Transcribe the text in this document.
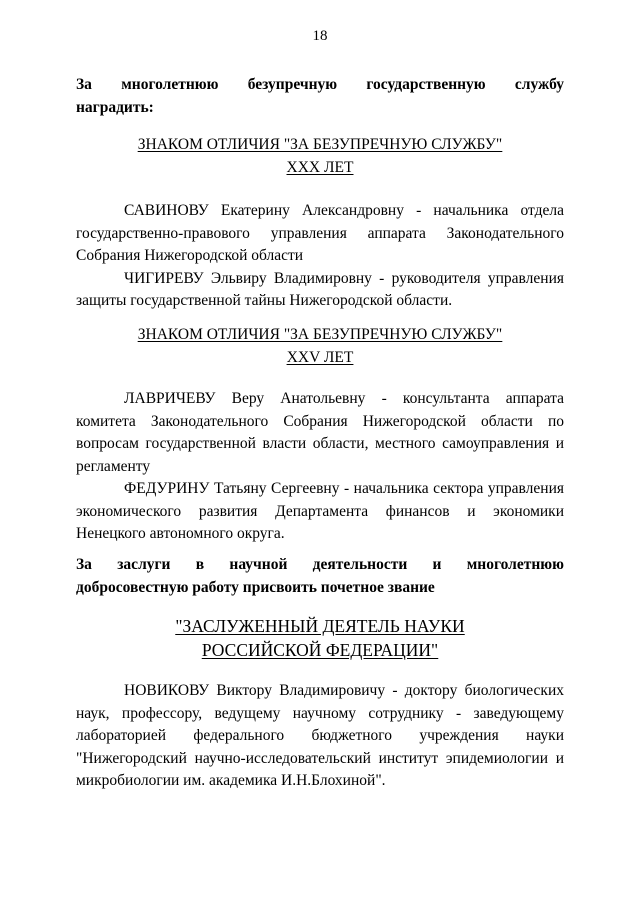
18

За многолетнюю безупречную государственную службу

наградить:

ЗНАКОМ ОТЛИЧИЯ "ЗА БЕЗУПРЕЧНУЮ СЛУЖБУ"
XXX ЛЕТ

САВИНОВУ Екатерину Александровну - начальника отдела государственно-правового управления аппарата Законодательного Собрания Нижегородской области

ЧИГИРЕВУ Эльвиру Владимировну - руководителя управления защиты государственной тайны Нижегородской области.

ЗНАКОМ ОТЛИЧИЯ "ЗА БЕЗУПРЕЧНУЮ СЛУЖБУ"
XXV ЛЕТ

ЛАВРИЧЕВУ Веру Анатольевну - консультанта аппарата комитета Законодательного Собрания Нижегородской области по вопросам государственной власти области, местного самоуправления и регламенту

ФЕДУРИНУ Татьяну Сергеевну - начальника сектора управления экономического развития Департамента финансов и экономики Ненецкого автономного округа.

За заслуги в научной деятельности и многолетнюю

добросовестную работу присвоить почетное звание

"ЗАСЛУЖЕННЫЙ ДЕЯТЕЛЬ НАУКИ
РОССИЙСКОЙ ФЕДЕРАЦИИ"

НОВИКОВУ Виктору Владимировичу - доктору биологических наук, профессору, ведущему научному сотруднику - заведующему лабораторией федерального бюджетного учреждения науки "Нижегородский научно-исследовательский институт эпидемиологии и микробиологии им. академика И.Н.Блохиной".
